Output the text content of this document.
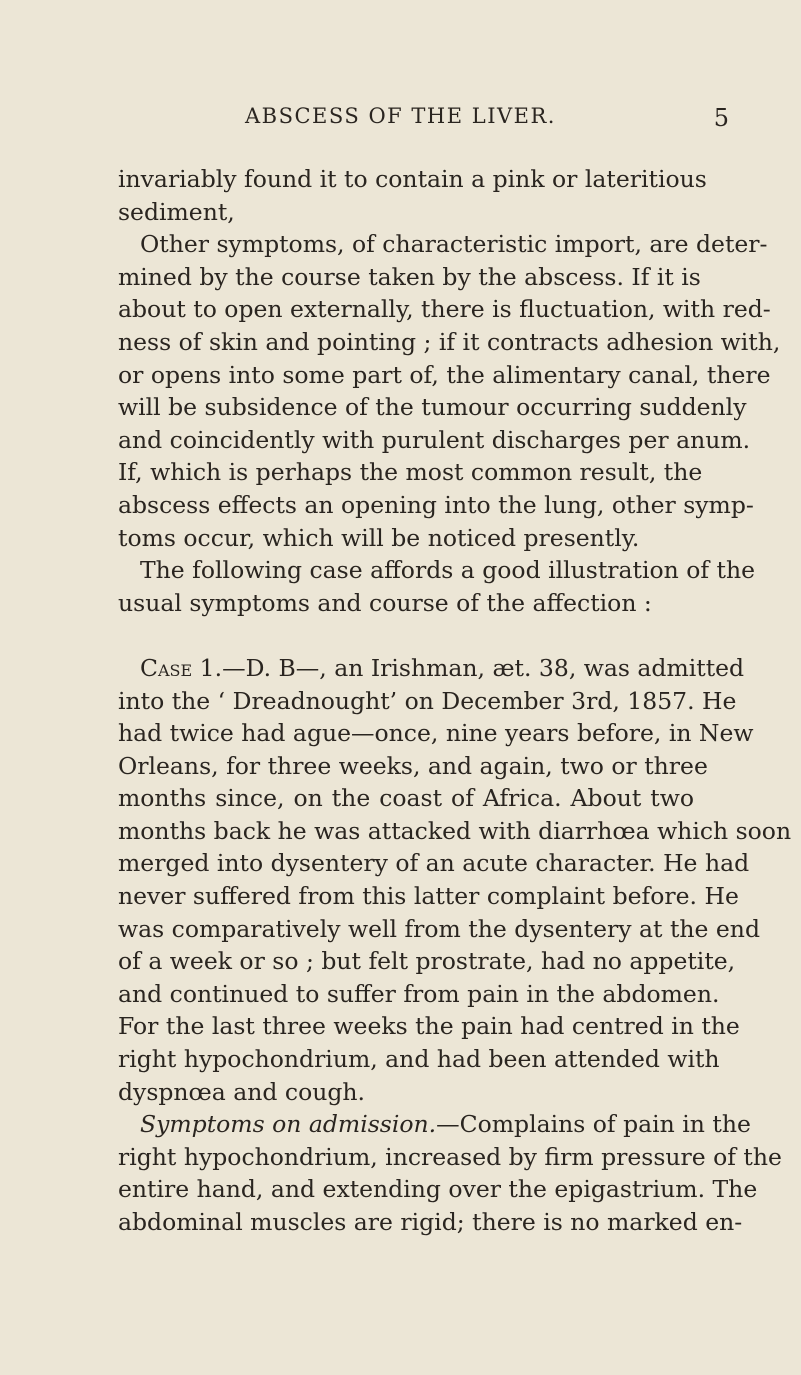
ABSCESS OF THE LIVER.	5
invariably found it to contain a pink or lateritious
sediment,
Other symptoms, of characteristic import, are deter-
mined by the course taken by the abscess. If it is
about to open externally, there is fluctuation, with red-
ness of skin and pointing ; if it contracts adhesion with,
or opens into some part of, the alimentary canal, there
will be subsidence of the tumour occurring suddenly
and coincidently with purulent discharges per anum.
If, which is perhaps the most common result, the
abscess effects an opening into the lung, other symp-
toms occur, which will be noticed presently.
The following case affords a good illustration of the
usual symptoms and course of the affection :
Case 1.—D. B—, an Irishman, æt. 38, was admitted
into the ‘ Dreadnought’ on December 3rd, 1857. He
had twice had ague—once, nine years before, in New
Orleans, for three weeks, and again, two or three
months since, on the coast of Africa. About two
months back he was attacked with diarrhœa which soon
merged into dysentery of an acute character. He had
never suffered from this latter complaint before. He
was comparatively well from the dysentery at the end
of a week or so ; but felt prostrate, had no appetite,
and continued to suffer from pain in the abdomen.
For the last three weeks the pain had centred in the
right hypochondrium, and had been attended with
dyspnœa and cough.
Symptoms on admission.—Complains of pain in the
right hypochondrium, increased by firm pressure of the
entire hand, and extending over the epigastrium. The
abdominal muscles are rigid; there is no marked en-
